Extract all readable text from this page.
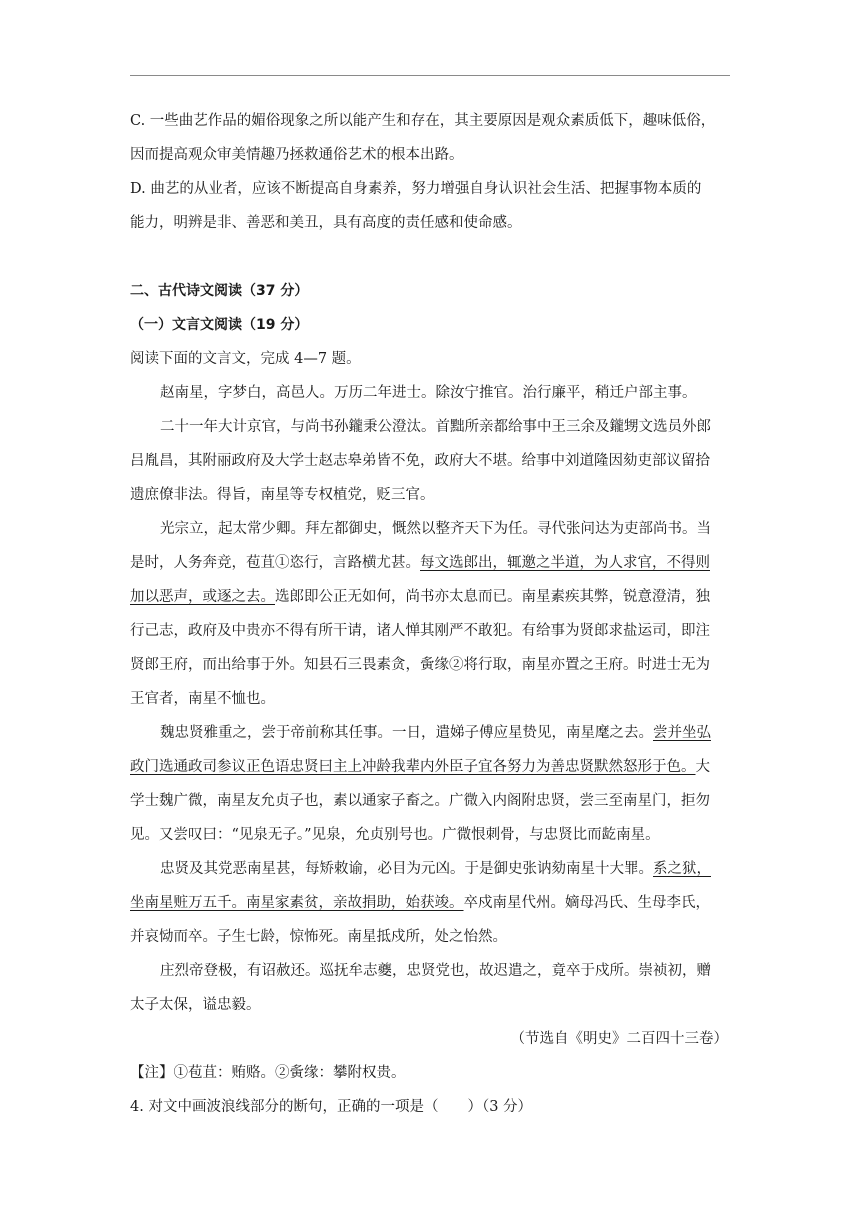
C. 一些曲艺作品的媚俗现象之所以能产生和存在，其主要原因是观众素质低下，趣味低俗，
因而提高观众审美情趣乃拯救通俗艺术的根本出路。
D. 曲艺的从业者，应该不断提高自身素养，努力增强自身认识社会生活、把握事物本质的
能力，明辨是非、善恶和美丑，具有高度的责任感和使命感。
二、古代诗文阅读（37 分）
（一）文言文阅读（19 分）
阅读下面的文言文，完成 4—7 题。
赵南星，字梦白，高邑人。万历二年进士。除汝宁推官。治行廉平，稍迁户部主事。
二十一年大计京官，与尚书孙鑨秉公澄汰。首黜所亲都给事中王三余及鑨甥文选员外郎
吕胤昌，其附丽政府及大学士赵志皋弟皆不免，政府大不堪。给事中刘道隆因劾吏部议留拾
遗庶僚非法。得旨，南星等专权植党，贬三官。
光宗立，起太常少卿。拜左都御史，慨然以整齐天下为任。寻代张问达为吏部尚书。当
是时，人务奔竞，苞苴①恣行，言路横尤甚。每文选郎出，辄邀之半道，为人求官，不得则
加以恶声，或逐之去。选郎即公正无如何，尚书亦太息而已。南星素疾其弊，锐意澄清，独
行己志，政府及中贵亦不得有所干请，诸人惮其刚严不敢犯。有给事为贤郎求盐运司，即注
贤郎王府，而出给事于外。知县石三畏素贪，夤缘②将行取，南星亦置之王府。时进士无为
王官者，南星不恤也。
魏忠贤雅重之，尝于帝前称其任事。一日，遣娣子傅应星贽见，南星麾之去。尝并坐弘
政门选通政司参议正色语忠贤曰主上冲龄我辈内外臣子宜各努力为善忠贤默然怒形于色。大
学士魏广微，南星友允贞子也，素以通家子畜之。广微入内阁附忠贤，尝三至南星门，拒勿
见。又尝叹曰：“见泉无子。”见泉，允贞别号也。广微恨刺骨，与忠贤比而龁南星。
忠贤及其党恶南星甚，每矫敕谕，必目为元凶。于是御史张讷劾南星十大罪。系之狱，
坐南星赃万五千。南星家素贫，亲故捐助，始获竣。卒戍南星代州。嫡母冯氏、生母李氏，
并哀恸而卒。子生七龄，惊怖死。南星抵戍所，处之怡然。
庄烈帝登极，有诏赦还。巡抚牟志夔，忠贤党也，故迟遣之，竟卒于戍所。崇祯初，赠
太子太保，谥忠毅。
（节选自《明史》二百四十三卷）
【注】①苞苴：贿赂。②夤缘：攀附权贵。
4. 对文中画波浪线部分的断句，正确的一项是（　　）（3 分）
